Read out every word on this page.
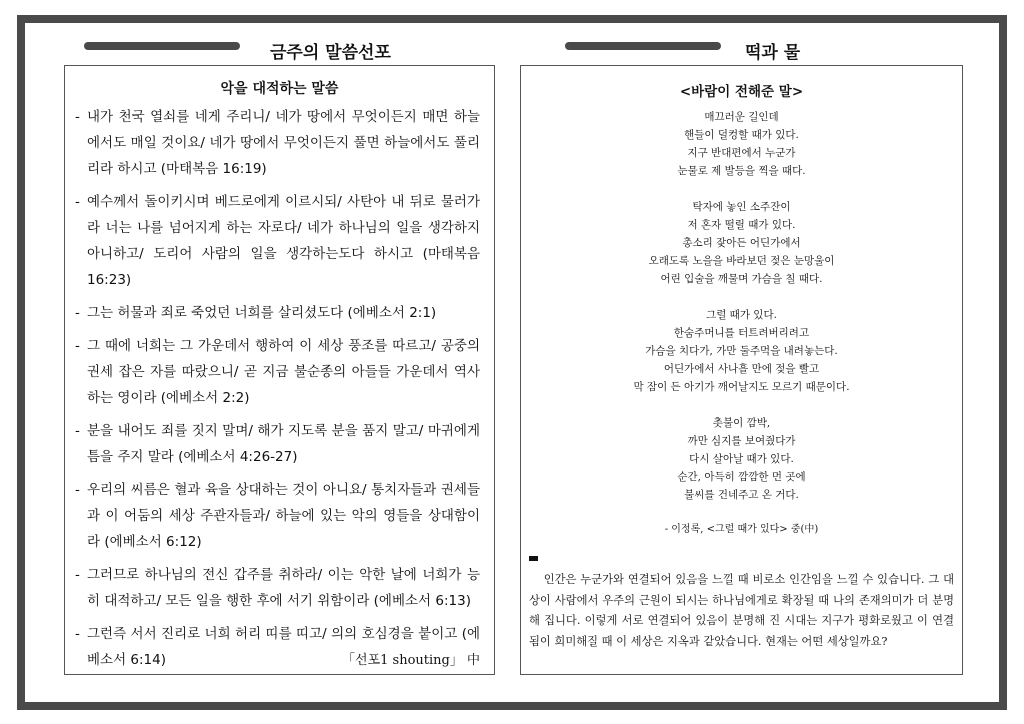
금주의 말씀선포	떡과 물
악을 대적하는 말씀
- 내가 천국 열쇠를 네게 주리니/ 네가 땅에서 무엇이든지 매면 하늘에서도 매일 것이요/ 네가 땅에서 무엇이든지 풀면 하늘에서도 풀리리라 하시고 (마태복음 16:19)
- 예수께서 돌이키시며 베드로에게 이르시되/ 사탄아 내 뒤로 물러가라 너는 나를 넘어지게 하는 자로다/ 네가 하나님의 일을 생각하지 아니하고/ 도리어 사람의 일을 생각하는도다 하시고 (마태복음 16:23)
- 그는 허물과 죄로 죽었던 너희를 살리셨도다 (에베소서 2:1)
- 그 때에 너희는 그 가운데서 행하여 이 세상 풍조를 따르고/ 공중의 권세 잡은 자를 따랐으니/ 곧 지금 불순종의 아들들 가운데서 역사하는 영이라 (에베소서 2:2)
- 분을 내어도 죄를 짓지 말며/ 해가 지도록 분을 품지 말고/ 마귀에게 틈을 주지 말라 (에베소서 4:26-27)
- 우리의 씨름은 혈과 육을 상대하는 것이 아니요/ 통치자들과 권세들과 이 어둠의 세상 주관자들과/ 하늘에 있는 악의 영들을 상대함이라 (에베소서 6:12)
- 그러므로 하나님의 전신 갑주를 취하라/ 이는 악한 날에 너희가 능히 대적하고/ 모든 일을 행한 후에 서기 위함이라 (에베소서 6:13)
- 그런즉 서서 진리로 너희 허리 띠를 띠고/ 의의 호심경을 붙이고 (에베소서 6:14)	「선포1 shouting」 中
<바람이 전해준 말>
매끄러운 길인데
핸들이 덜컹할 때가 있다.
지구 반대편에서 누군가
눈물로 제 발등을 찍을 때다.
탁자에 놓인 소주잔이
저 혼자 떨릴 때가 있다.
총소리 잦아든 어딘가에서
오래도록 노을을 바라보던 젖은 눈망울이
어린 입술을 깨물며 가슴을 칠 때다.
그럴 때가 있다.
한숨주머니를 터트려버리려고
가슴을 치다가, 가만 둘주먹을 내려놓는다.
어딘가에서 사나흘 만에 젖을 빨고
막 잠이 든 아기가 깨어날지도 모르기 때문이다.
촛불이 깜박,
까만 심지를 보여줬다가
다시 살아날 때가 있다.
순간, 아득히 깜깜한 먼 곳에
불씨를 건네주고 온 거다.
- 이정록, <그럴 때가 있다> 중(中)
인간은 누군가와 연결되어 있음을 느낄 때 비로소 인간임을 느낄 수 있습니다. 그 대상이 사람에서 우주의 근원이 되시는 하나님에게로 확장될 때 나의 존재의미가 더 분명해 집니다. 이렇게 서로 연결되어 있음이 분명해 진 시대는 지구가 평화로웠고 이 연결됨이 희미해질 때 이 세상은 지옥과 같았습니다. 현재는 어떤 세상일까요?
